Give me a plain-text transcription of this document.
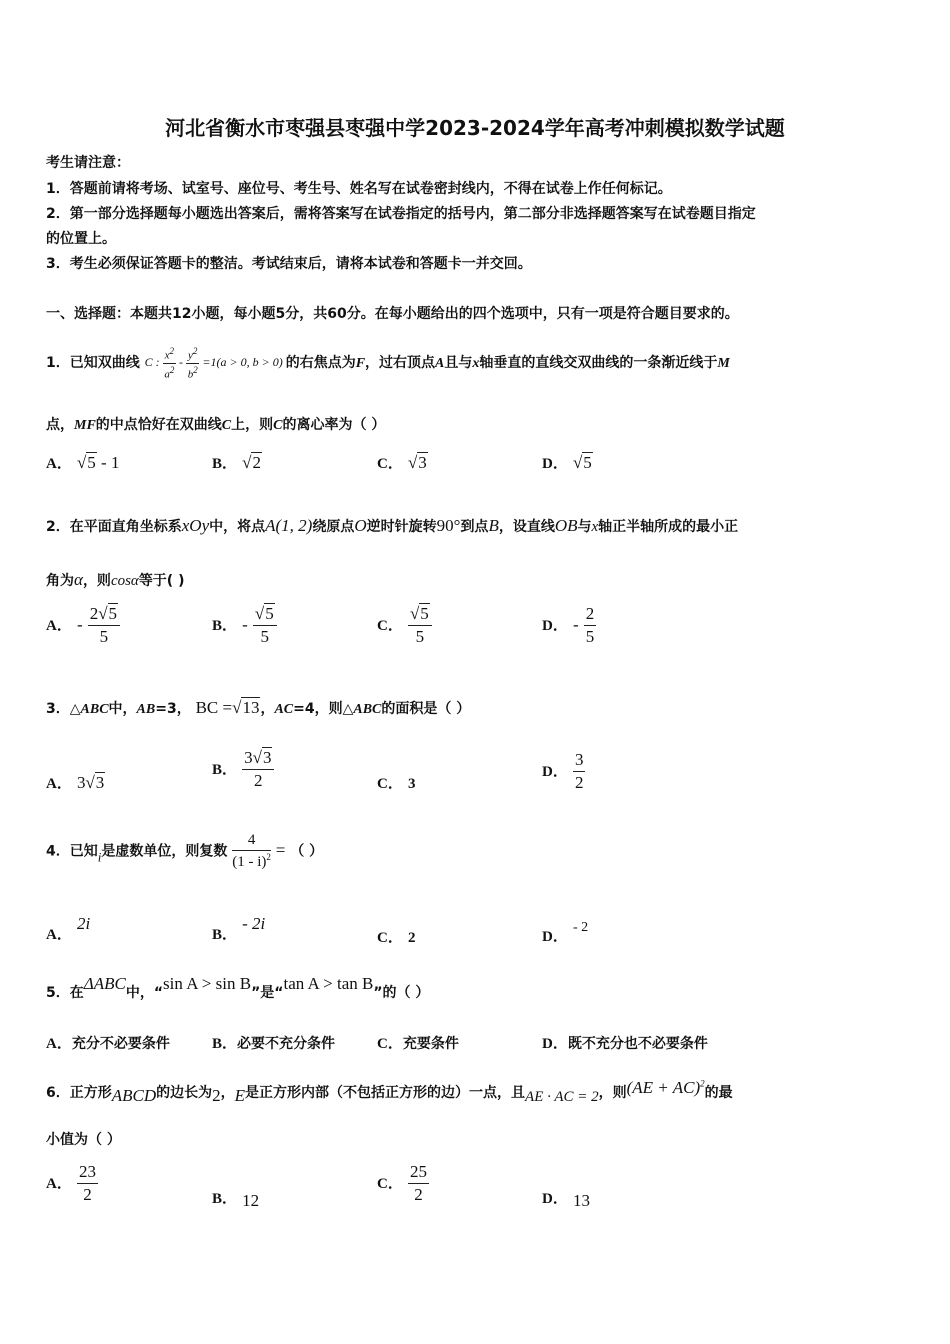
河北省衡水市枣强县枣强中学2023-2024学年高考冲刺模拟数学试题
考生请注意：
1．答题前请将考场、试室号、座位号、考生号、姓名写在试卷密封线内，不得在试卷上作任何标记。
2．第一部分选择题每小题选出答案后，需将答案写在试卷指定的括号内，第二部分非选择题答案写在试卷题目指定
的位置上。
3．考生必须保证答题卡的整洁。考试结束后，请将本试卷和答题卡一并交回。
一、选择题：本题共12小题，每小题5分，共60分。在每小题给出的四个选项中，只有一项是符合题目要求的。
1．已知双曲线 C : $\frac{x^2}{a^2} - \frac{y^2}{b^2} =1(a > 0$, b > 0) 的右焦点为F，过右顶点A且与x轴垂直的直线交双曲线的一条渐近线于M
点，MF的中点恰好在双曲线C上，则C的离心率为（ ）
A． √5 - 1	B． √2	C． √3	D． √5
2．在平面直角坐标系xOy中，将点A(1, 2)绕原点O逆时针旋转90°到点B，设直线OB与x轴正半轴所成的最小正
角为α，则cosα等于( )
A． - $\frac{2√5}{5}$	B． - $\frac{√5}{5}$	C． $\frac{√5}{5}$	D． - $\frac{2}{5}$
3．△ABC中，AB=3， BC =√13，AC=4，则△ABC的面积是（ ）
A． 3√3
B． $\frac{3√3}{2}$	C． 3
D． $\frac{3}{2}$
4．已知i是虚数单位，则复数 $\frac{4}{(1 - i)^2}$ = （ ）
A． 2i
B． - 2i
C． 2	D． - 2
5．在ΔABC中，“sin A > sin B”是“tan A > tan B”的（ ）
A．充分不必要条件	B．必要不充分条件	C．充要条件	D．既不充分也不必要条件
6．正方形ABCD的边长为2，E是正方形内部（不包括正方形的边）一点，且AE · AC = 2，则(AE + AC)$^2$的最
小值为（ ）
A． $\frac{23}{2}$	B． 12
C． $\frac{25}{2}$	D． 13
